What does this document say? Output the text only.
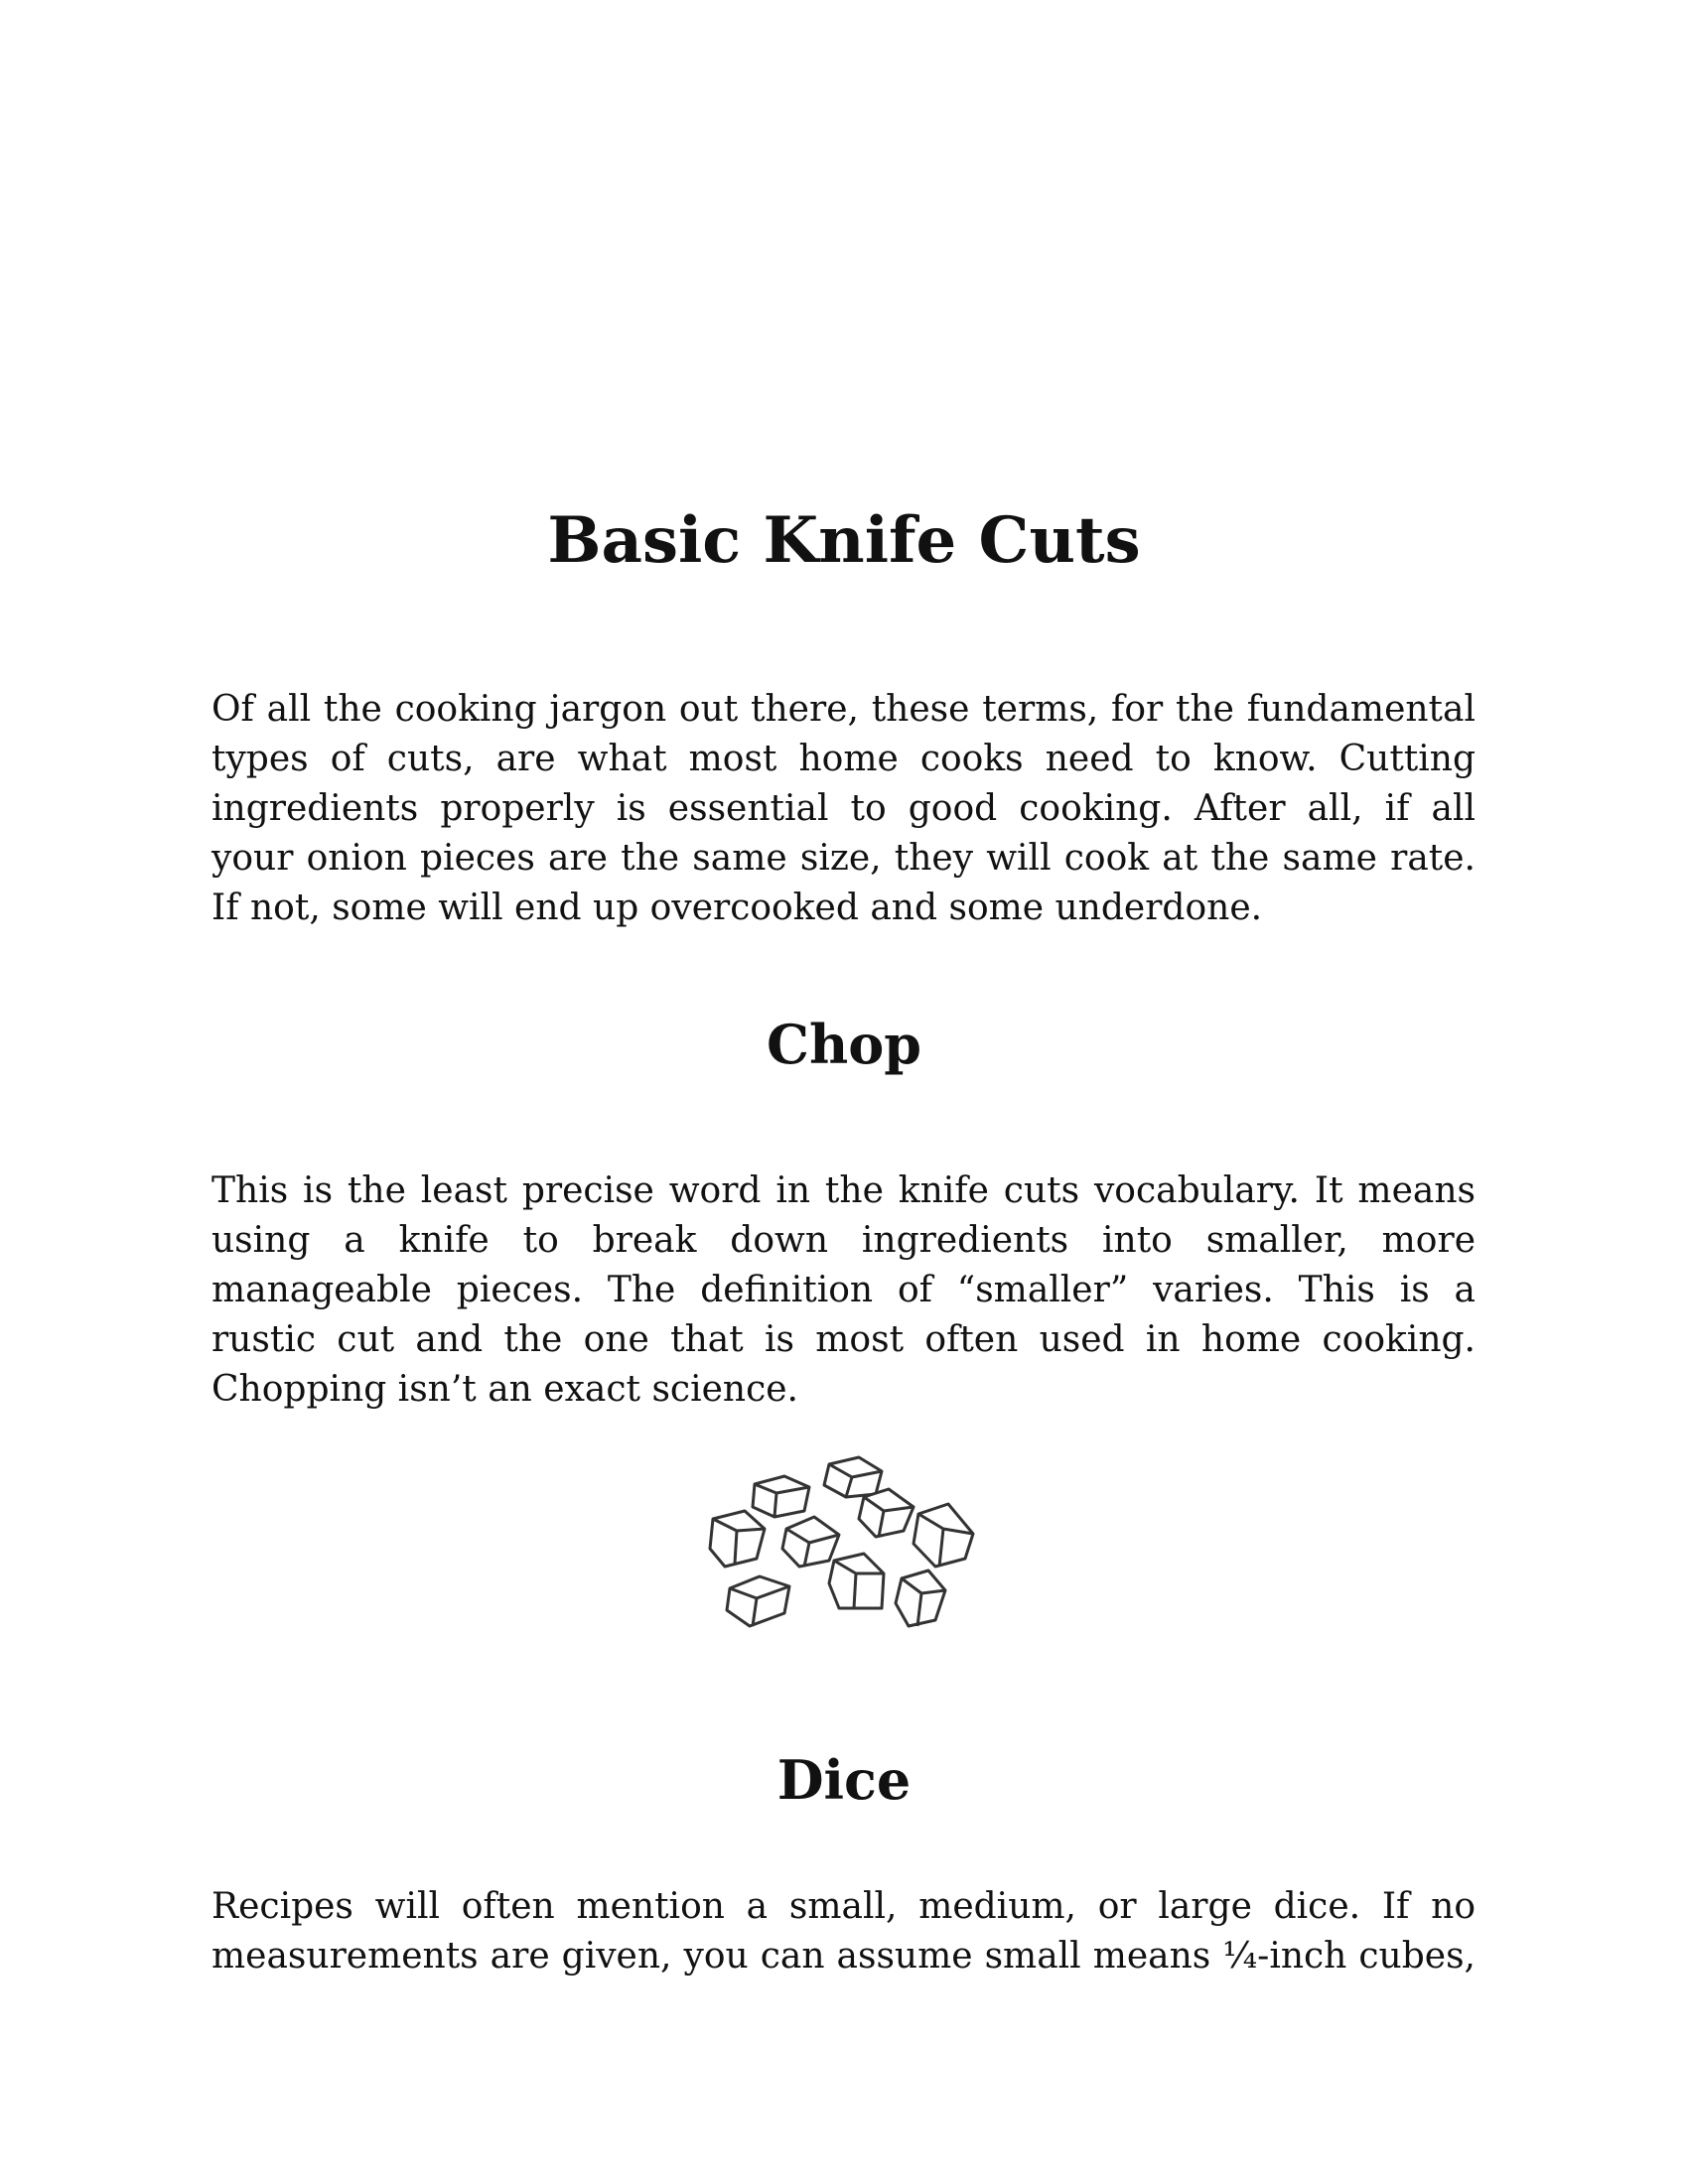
Basic Knife Cuts

Of all the cooking jargon out there, these terms, for the fundamental
types of cuts, are what most home cooks need to know. Cutting
ingredients properly is essential to good cooking. After all, if all
your onion pieces are the same size, they will cook at the same rate.
If not, some will end up overcooked and some underdone.

Chop

This is the least precise word in the knife cuts vocabulary. It means
using a knife to break down ingredients into smaller, more
manageable pieces. The definition of “smaller” varies. This is a
rustic cut and the one that is most often used in home cooking.
Chopping isn’t an exact science.

Dice

Recipes will often mention a small, medium, or large dice. If no
measurements are given, you can assume small means ¼-inch cubes,
